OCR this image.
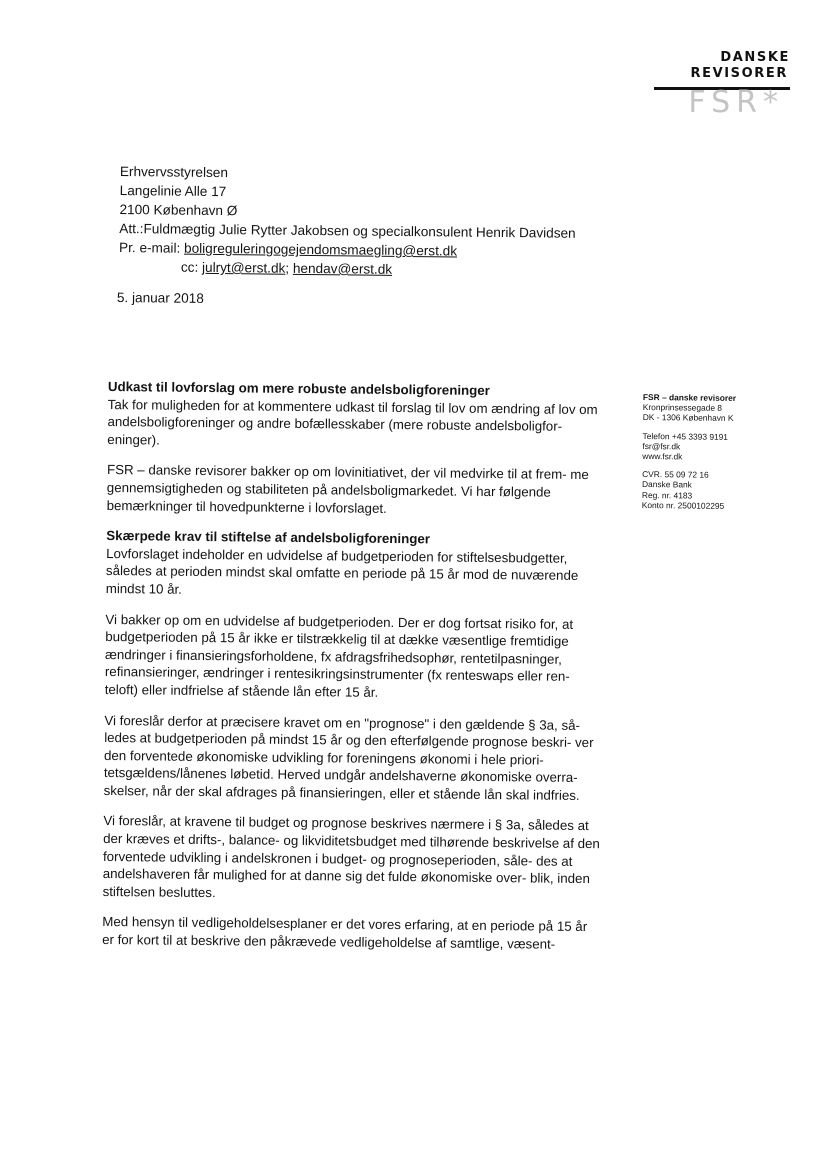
DANSKE
REVISORER
FSR*
Erhvervsstyrelsen
Langelinie Alle 17
2100 København Ø
Att.:Fuldmægtig Julie Rytter Jakobsen og specialkonsulent Henrik Davidsen
Pr. e-mail: boligreguleringogejendomsmaegling@erst.dk
cc: julryt@erst.dk; hendav@erst.dk
5. januar 2018
FSR – danske revisorer
Kronprinsessegade 8
DK - 1306 København K
Telefon +45 3393 9191
fsr@fsr.dk
www.fsr.dk
CVR. 55 09 72 16
Danske Bank
Reg. nr. 4183
Konto nr. 2500102295
Udkast til lovforslag om mere robuste andelsboligforeninger

Tak for muligheden for at kommentere udkast til forslag til lov om ændring af lov om andelsboligforeninger og andre bofællesskaber (mere robuste andelsboligfor- eninger).

FSR – danske revisorer bakker op om lovinitiativet, der vil medvirke til at frem- me gennemsigtigheden og stabiliteten på andelsboligmarkedet. Vi har følgende bemærkninger til hovedpunkterne i lovforslaget.

Skærpede krav til stiftelse af andelsboligforeninger

Lovforslaget indeholder en udvidelse af budgetperioden for stiftelsesbudgetter, således at perioden mindst skal omfatte en periode på 15 år mod de nuværende mindst 10 år.

Vi bakker op om en udvidelse af budgetperioden. Der er dog fortsat risiko for, at budgetperioden på 15 år ikke er tilstrækkelig til at dække væsentlige fremtidige ændringer i finansieringsforholdene, fx afdragsfrihedsophør, rentetilpasninger, refinansieringer, ændringer i rentesikringsinstrumenter (fx renteswaps eller ren- teloft) eller indfrielse af stående lån efter 15 år.

Vi foreslår derfor at præcisere kravet om en "prognose" i den gældende § 3a, så- ledes at budgetperioden på mindst 15 år og den efterfølgende prognose beskri- ver den forventede økonomiske udvikling for foreningens økonomi i hele priori- tetsgældens/lånenes løbetid. Herved undgår andelshaverne økonomiske overra- skelser, når der skal afdrages på finansieringen, eller et stående lån skal indfries.

Vi foreslår, at kravene til budget og prognose beskrives nærmere i § 3a, således at der kræves et drifts-, balance- og likviditetsbudget med tilhørende beskrivelse af den forventede udvikling i andelskronen i budget- og prognoseperioden, såle- des at andelshaveren får mulighed for at danne sig det fulde økonomiske over- blik, inden stiftelsen besluttes.

Med hensyn til vedligeholdelsesplaner er det vores erfaring, at en periode på 15 år er for kort til at beskrive den påkrævede vedligeholdelse af samtlige, væsent-
